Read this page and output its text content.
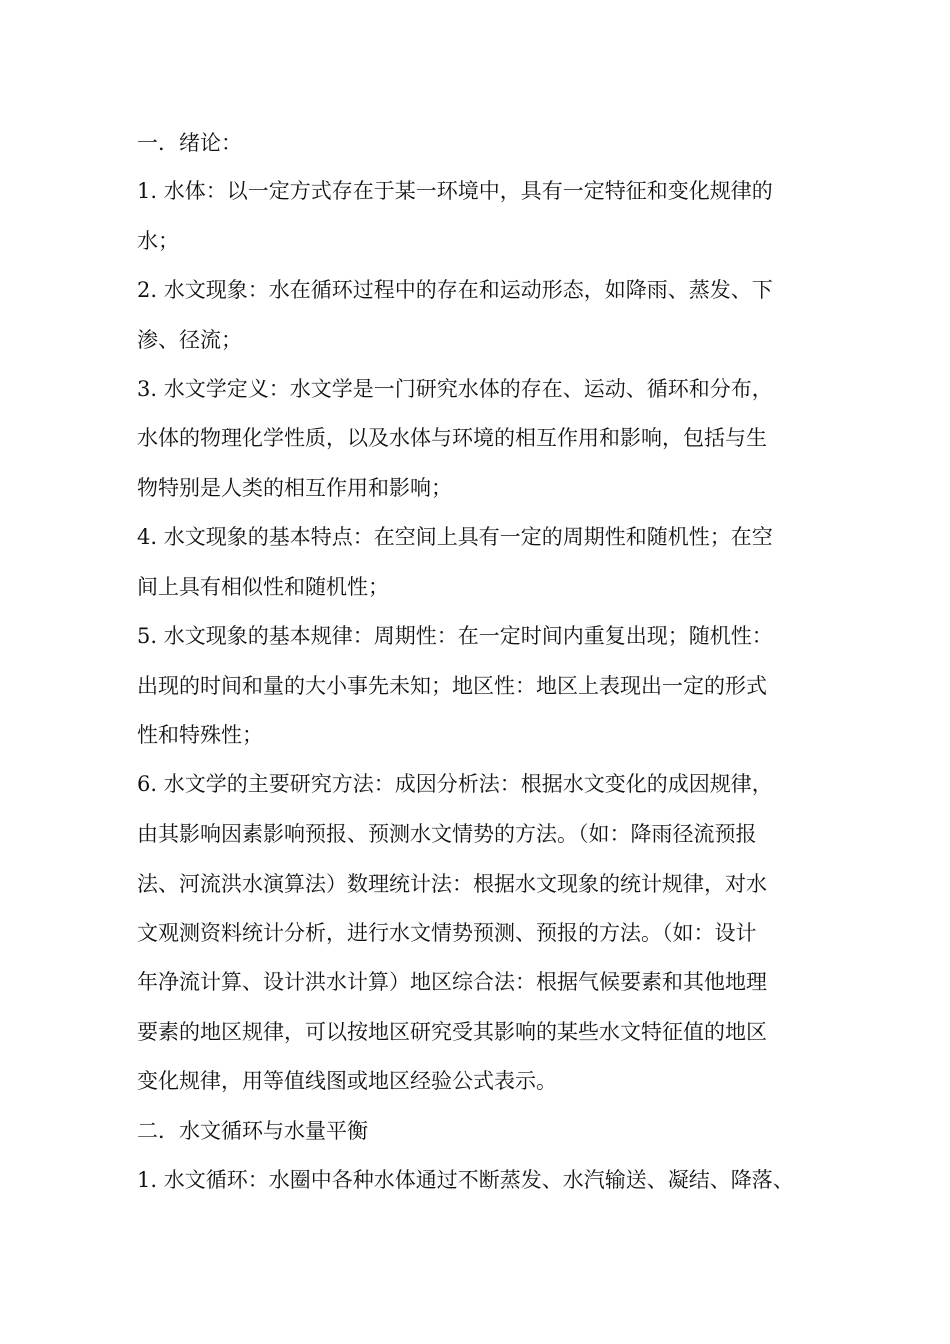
一．绪论：
1. 水体：以一定方式存在于某一环境中，具有一定特征和变化规律的
水；
2. 水文现象：水在循环过程中的存在和运动形态，如降雨、蒸发、下
渗、径流；
3. 水文学定义：水文学是一门研究水体的存在、运动、循环和分布，
水体的物理化学性质，以及水体与环境的相互作用和影响，包括与生
物特别是人类的相互作用和影响；
4. 水文现象的基本特点：在空间上具有一定的周期性和随机性；在空
间上具有相似性和随机性；
5. 水文现象的基本规律：周期性：在一定时间内重复出现；随机性：
出现的时间和量的大小事先未知；地区性：地区上表现出一定的形式
性和特殊性；
6. 水文学的主要研究方法：成因分析法：根据水文变化的成因规律，
由其影响因素影响预报、预测水文情势的方法。（如：降雨径流预报
法、河流洪水演算法）数理统计法：根据水文现象的统计规律，对水
文观测资料统计分析，进行水文情势预测、预报的方法。（如：设计
年净流计算、设计洪水计算）地区综合法：根据气候要素和其他地理
要素的地区规律，可以按地区研究受其影响的某些水文特征值的地区
变化规律，用等值线图或地区经验公式表示。
二．水文循环与水量平衡
1. 水文循环：水圈中各种水体通过不断蒸发、水汽输送、凝结、降落、
